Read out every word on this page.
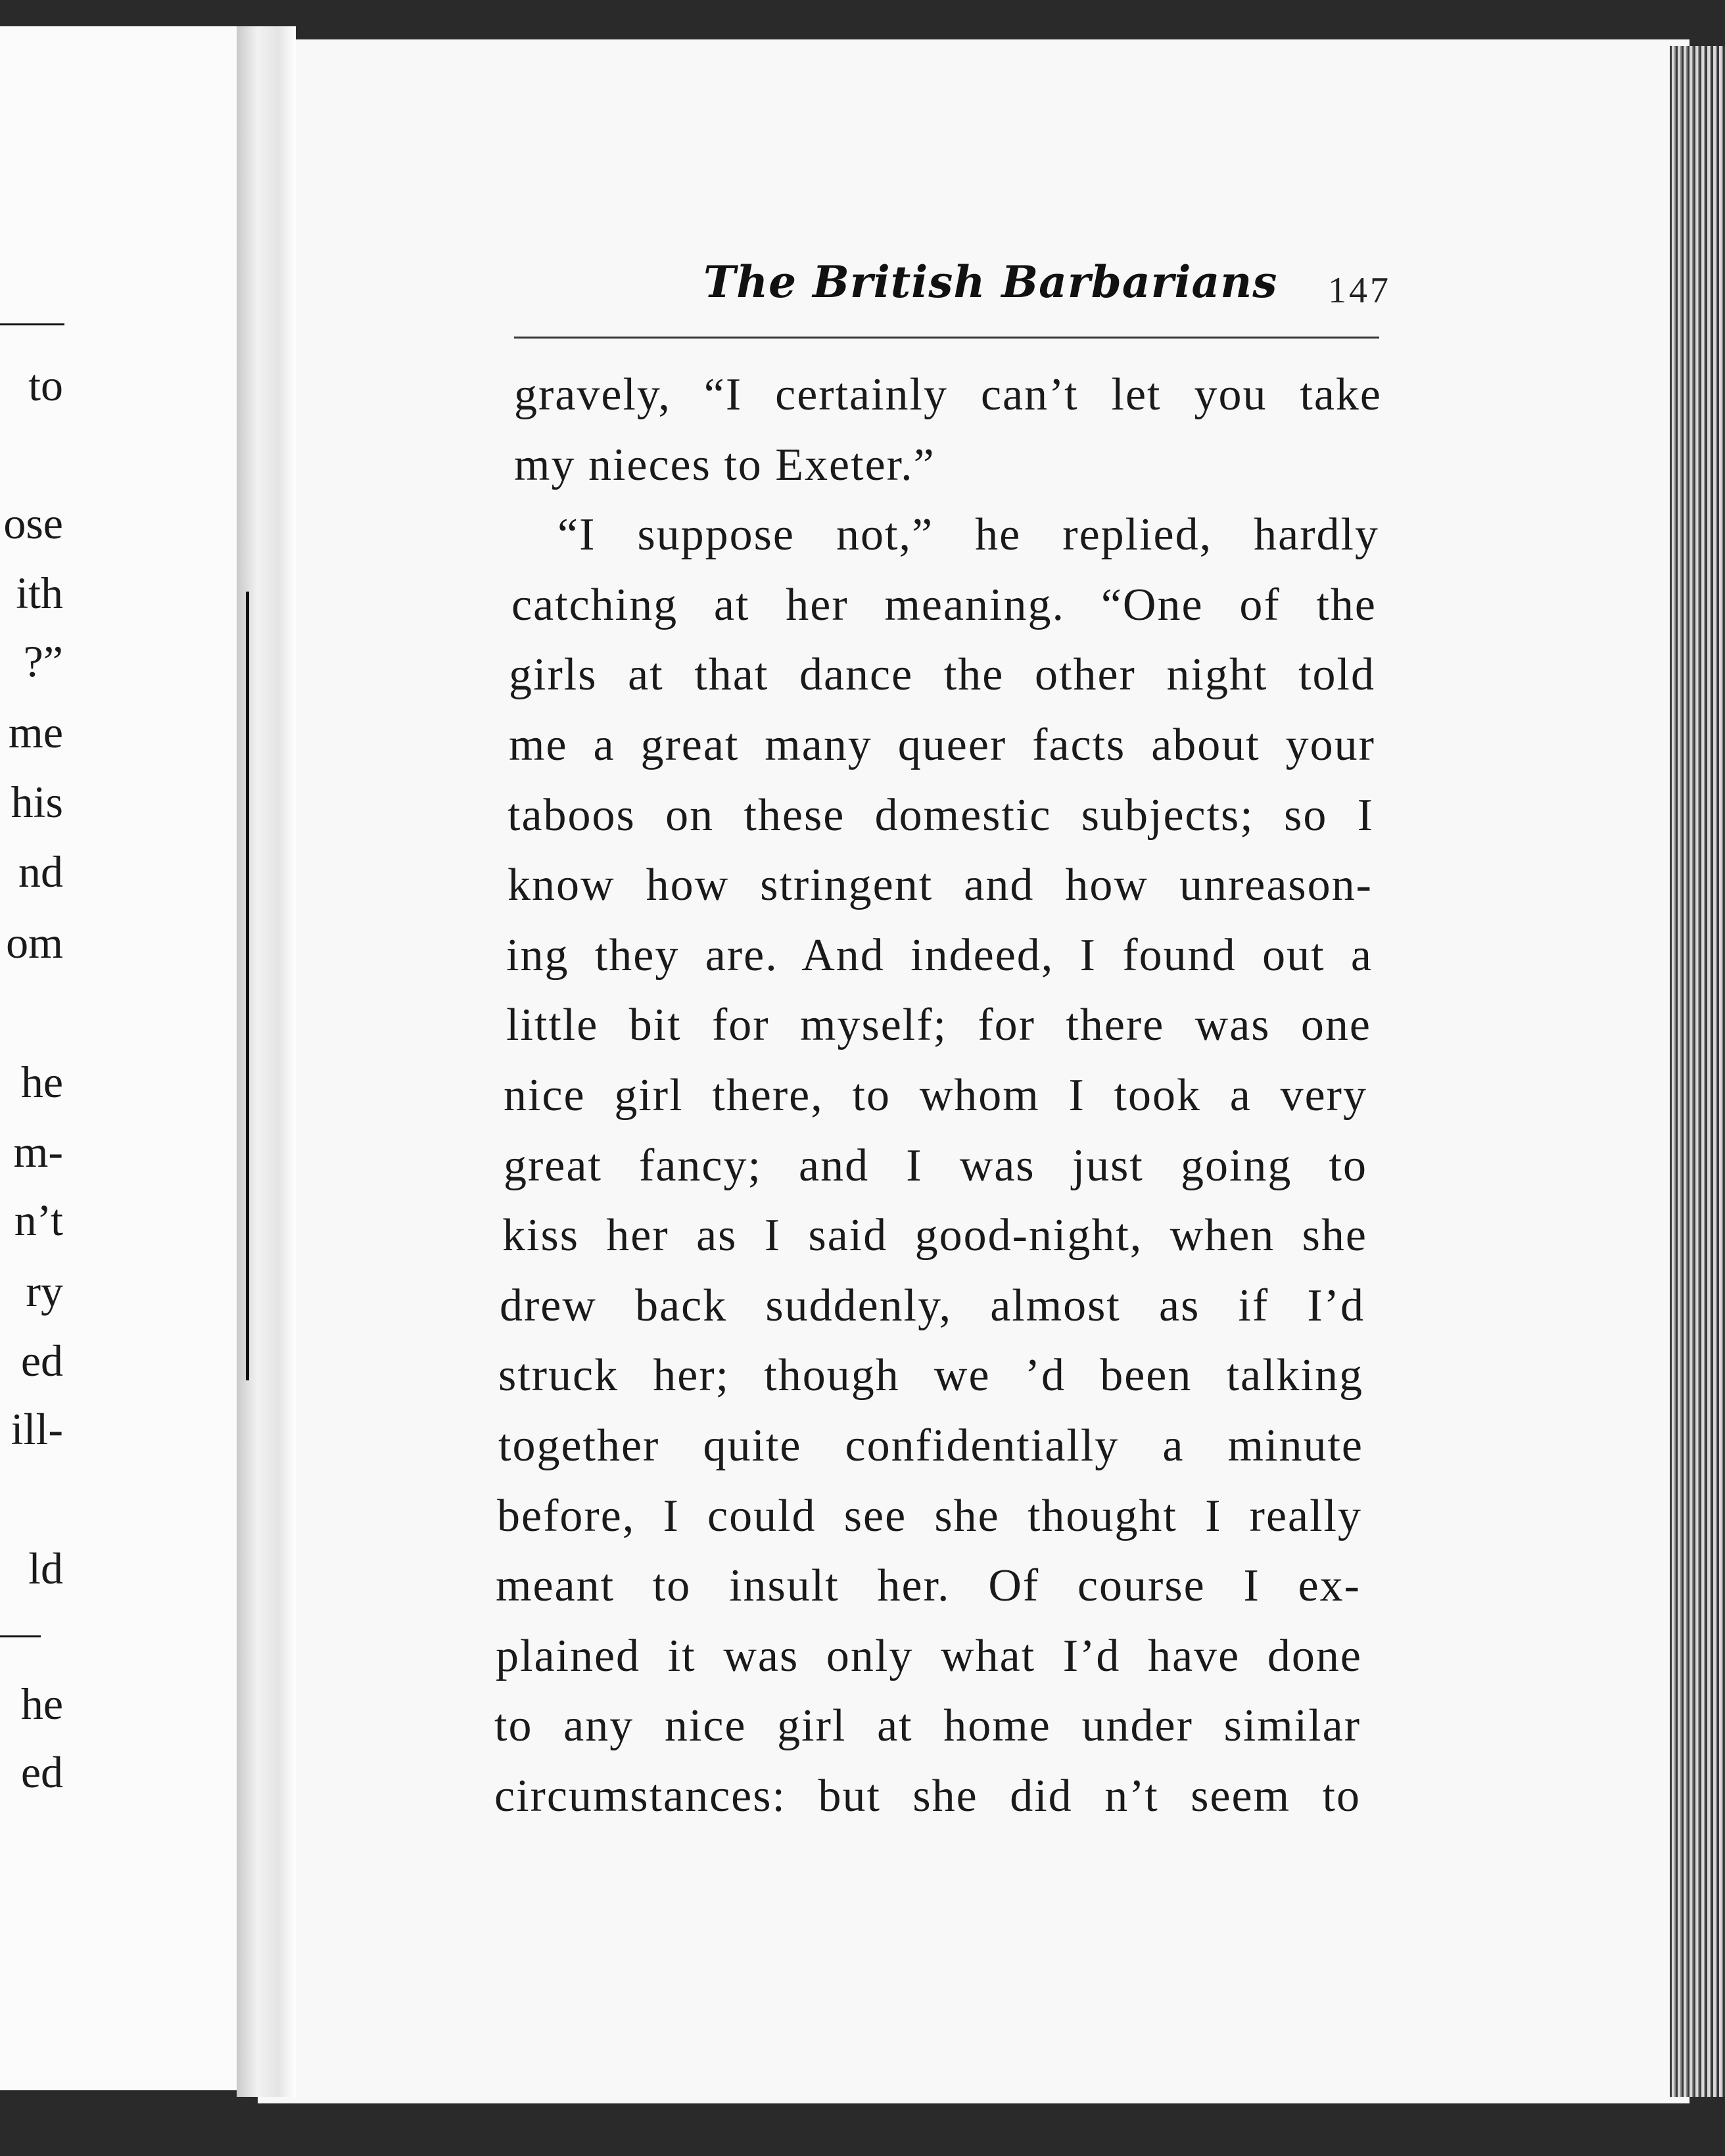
to
ose
ith
?”
me
his
nd
om
he
m-
n’t
ry
ed
ill-
ld
he
ed
The British Barbarians 147
gravely, “I certainly can’t let you take
my nieces to Exeter.”
“I suppose not,” he replied, hardly
catching at her meaning. “One of the
girls at that dance the other night told
me a great many queer facts about your
taboos on these domestic subjects; so I
know how stringent and how unreason-
ing they are. And indeed, I found out a
little bit for myself; for there was one
nice girl there, to whom I took a very
great fancy; and I was just going to
kiss her as I said good-night, when she
drew back suddenly, almost as if I’d
struck her; though we ’d been talking
together quite confidentially a minute
before, I could see she thought I really
meant to insult her. Of course I ex-
plained it was only what I’d have done
to any nice girl at home under similar
circumstances: but she did n’t seem to
